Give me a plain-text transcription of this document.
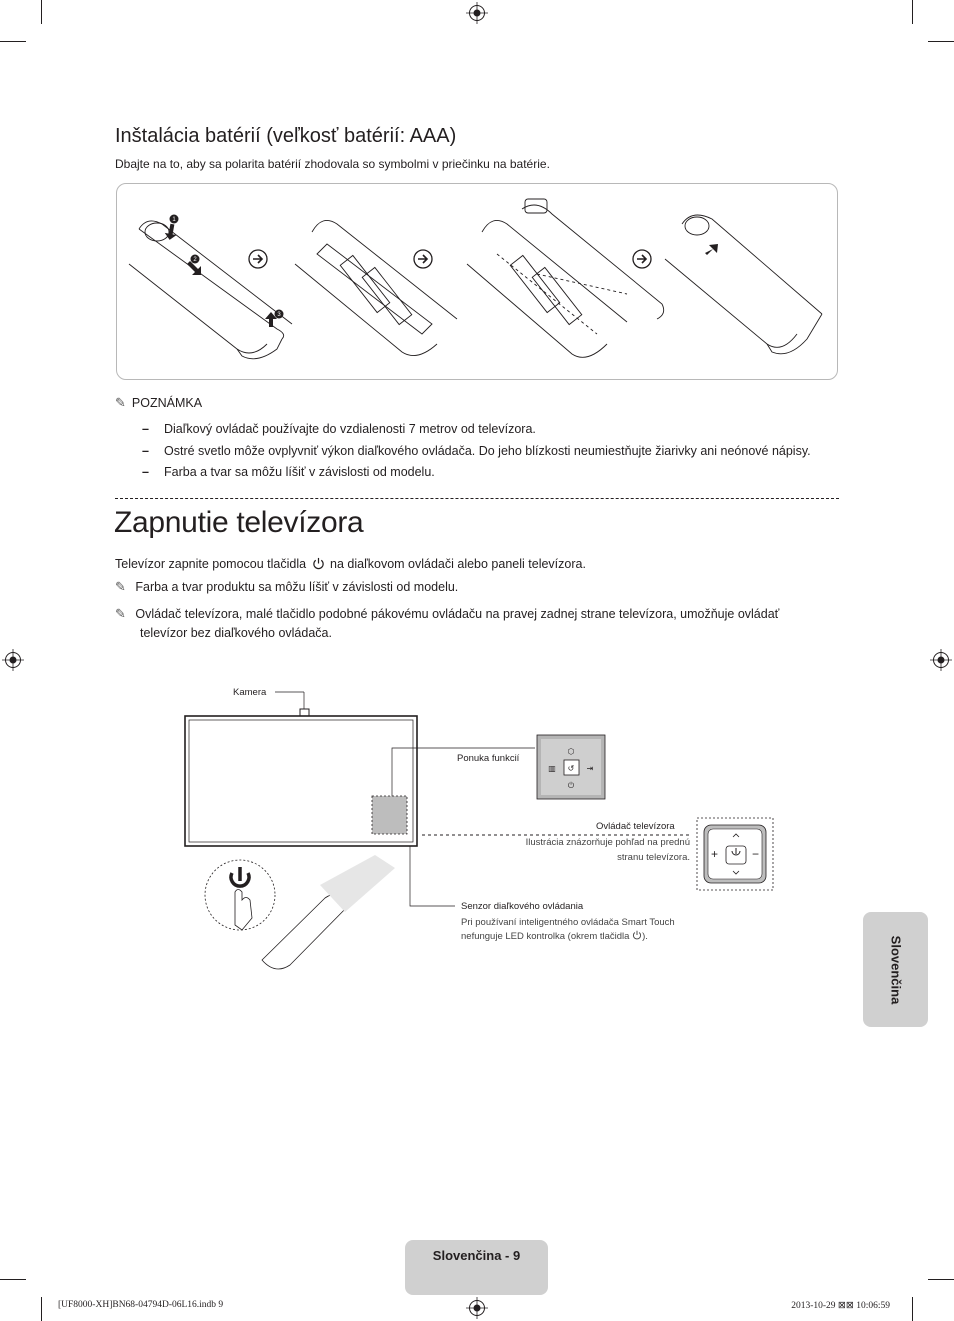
Inštalácia batérií (veľkosť batérií: AAA)
Dbajte na to, aby sa polarita batérií zhodovala so symbolmi v priečinku na batérie.
1
2
3
✎ POZNÁMKA
– Diaľkový ovládač používajte do vzdialenosti 7 metrov od televízora.
– Ostré svetlo môže ovplyvniť výkon diaľkového ovládača. Do jeho blízkosti neumiestňujte žiarivky ani neónové nápisy.
– Farba a tvar sa môžu líšiť v závislosti od modelu.
Zapnutie televízora
Televízor zapnite pomocou tlačidla na diaľkovom ovládači alebo paneli televízora.
✎ Farba a tvar produktu sa môžu líšiť v závislosti od modelu.
✎ Ovládač televízora, malé tlačidlo podobné pákovému ovládaču na pravej zadnej strane televízora, umožňuje ovládať
televízor bez diaľkového ovládača.
⬡
▥ ↺ ⇥
⏻
Kamera
Ponuka funkcií
Ovládač televízora
Ilustrácia znázorňuje pohľad na prednú
stranu televízora. +	−
Senzor diaľkového ovládania
Pri používaní inteligentného ovládača Smart Touch
nefunguje LED kontrolka (okrem tlačidla ).	Slovenčina
Slovenčina - 9
[UF8000-XH]BN68-04794D-06L16.indb 9	2013-10-29 ⊠⊠ 10:06:59
